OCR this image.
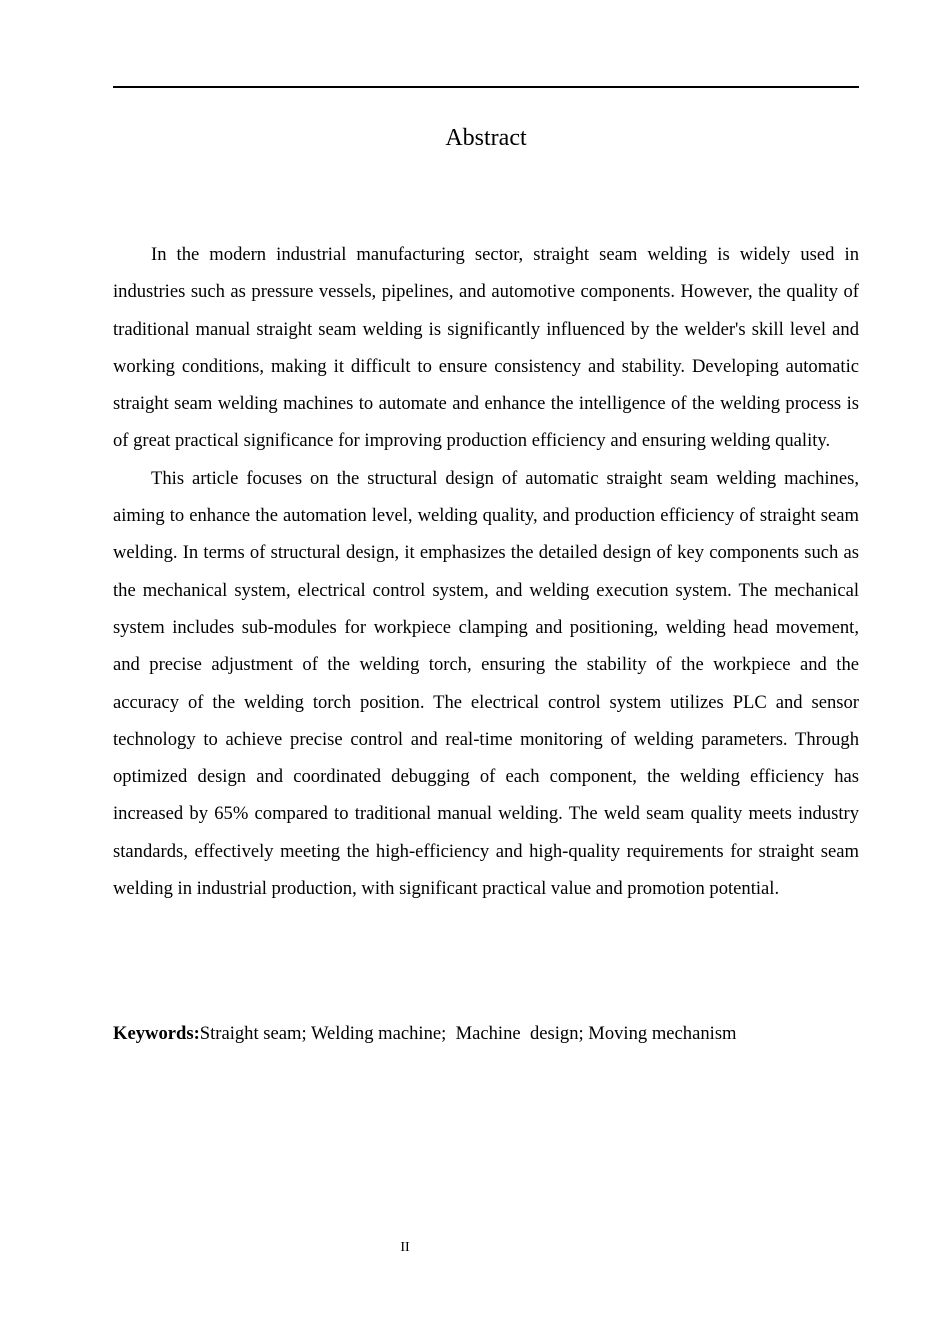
Abstract

In the modern industrial manufacturing sector, straight seam welding is widely used in industries such as pressure vessels, pipelines, and automotive components. However, the quality of traditional manual straight seam welding is significantly influenced by the welder's skill level and working conditions, making it difficult to ensure consistency and stability. Developing automatic straight seam welding machines to automate and enhance the intelligence of the welding process is of great practical significance for improving production efficiency and ensuring welding quality.

This article focuses on the structural design of automatic straight seam welding machines, aiming to enhance the automation level, welding quality, and production efficiency of straight seam welding. In terms of structural design, it emphasizes the detailed design of key components such as the mechanical system, electrical control system, and welding execution system. The mechanical system includes sub-modules for workpiece clamping and positioning, welding head movement, and precise adjustment of the welding torch, ensuring the stability of the workpiece and the accuracy of the welding torch position. The electrical control system utilizes PLC and sensor technology to achieve precise control and real-time monitoring of welding parameters. Through optimized design and coordinated debugging of each component, the welding efficiency has increased by 65% compared to traditional manual welding. The weld seam quality meets industry standards, effectively meeting the high-efficiency and high-quality requirements for straight seam welding in industrial production, with significant practical value and promotion potential.

Keywords:Straight seam; Welding machine;  Machine  design; Moving mechanism
II
